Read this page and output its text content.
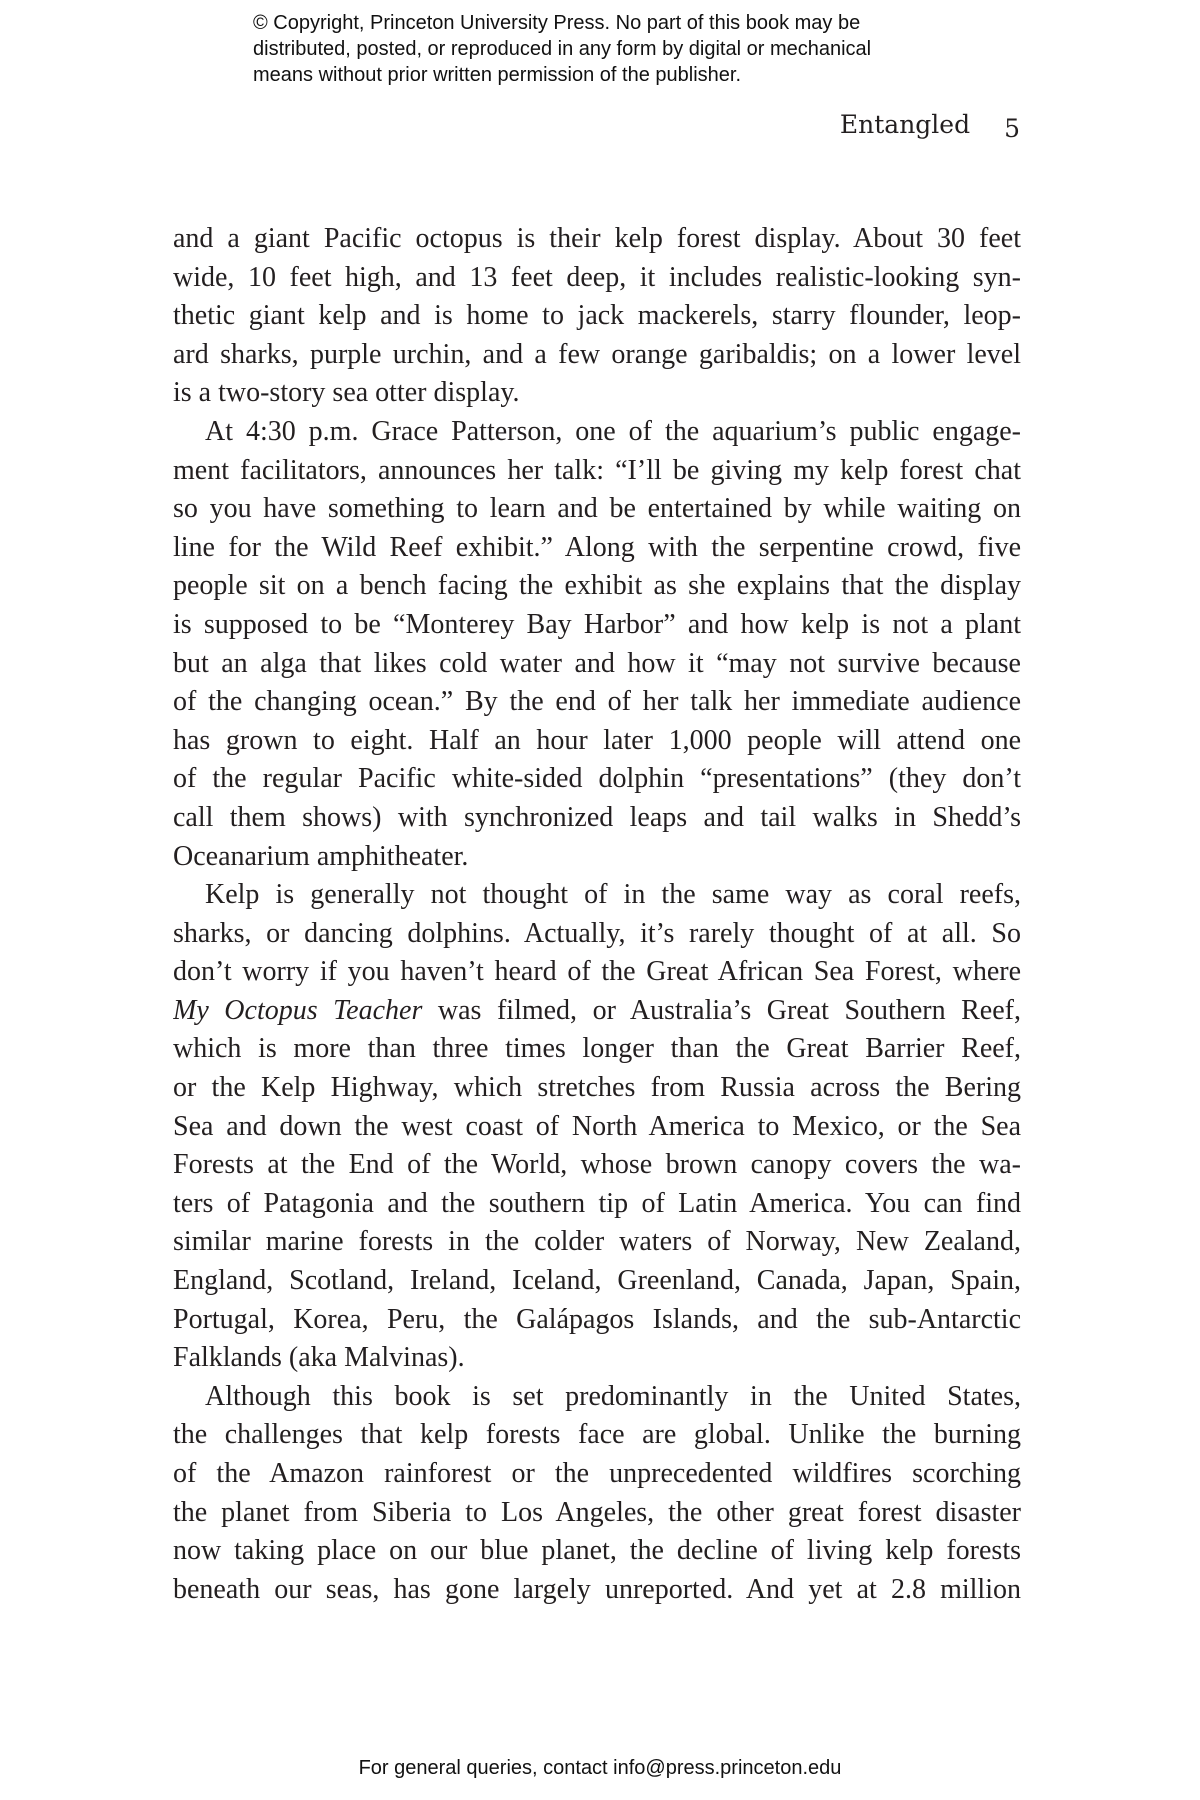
© Copyright, Princeton University Press. No part of this book may be
distributed, posted, or reproduced in any form by digital or mechanical
means without prior written permission of the publisher.
Entangled 5

and a giant Pacific octopus is their kelp forest display. About 30 feet
wide, 10 feet high, and 13 feet deep, it includes realistic-looking syn-
thetic giant kelp and is home to jack mackerels, starry flounder, leop-
ard sharks, purple urchin, and a few orange garibaldis; on a lower level
is a two-story sea otter display.

At 4:30 p.m. Grace Patterson, one of the aquarium’s public engage-
ment facilitators, announces her talk: “I’ll be giving my kelp forest chat
so you have something to learn and be entertained by while waiting on
line for the Wild Reef exhibit.” Along with the serpentine crowd, five
people sit on a bench facing the exhibit as she explains that the display
is supposed to be “Monterey Bay Harbor” and how kelp is not a plant
but an alga that likes cold water and how it “may not survive because
of the changing ocean.” By the end of her talk her immediate audience
has grown to eight. Half an hour later 1,000 people will attend one
of the regular Pacific white-sided dolphin “presentations” (they don’t
call them shows) with synchronized leaps and tail walks in Shedd’s
Oceanarium amphitheater.

Kelp is generally not thought of in the same way as coral reefs,
sharks, or dancing dolphins. Actually, it’s rarely thought of at all. So
don’t worry if you haven’t heard of the Great African Sea Forest, where
My Octopus Teacher was filmed, or Australia’s Great Southern Reef,
which is more than three times longer than the Great Barrier Reef,
or the Kelp Highway, which stretches from Russia across the Bering
Sea and down the west coast of North America to Mexico, or the Sea
Forests at the End of the World, whose brown canopy covers the wa-
ters of Patagonia and the southern tip of Latin America. You can find
similar marine forests in the colder waters of Norway, New Zealand,
England, Scotland, Ireland, Iceland, Greenland, Canada, Japan, Spain,
Portugal, Korea, Peru, the Galápagos Islands, and the sub-Antarctic
Falklands (aka Malvinas).

Although this book is set predominantly in the United States,
the challenges that kelp forests face are global. Unlike the burning
of the Amazon rainforest or the unprecedented wildfires scorching
the planet from Siberia to Los Angeles, the other great forest disaster
now taking place on our blue planet, the decline of living kelp forests
beneath our seas, has gone largely unreported. And yet at 2.8 million

For general queries, contact info@press.princeton.edu
